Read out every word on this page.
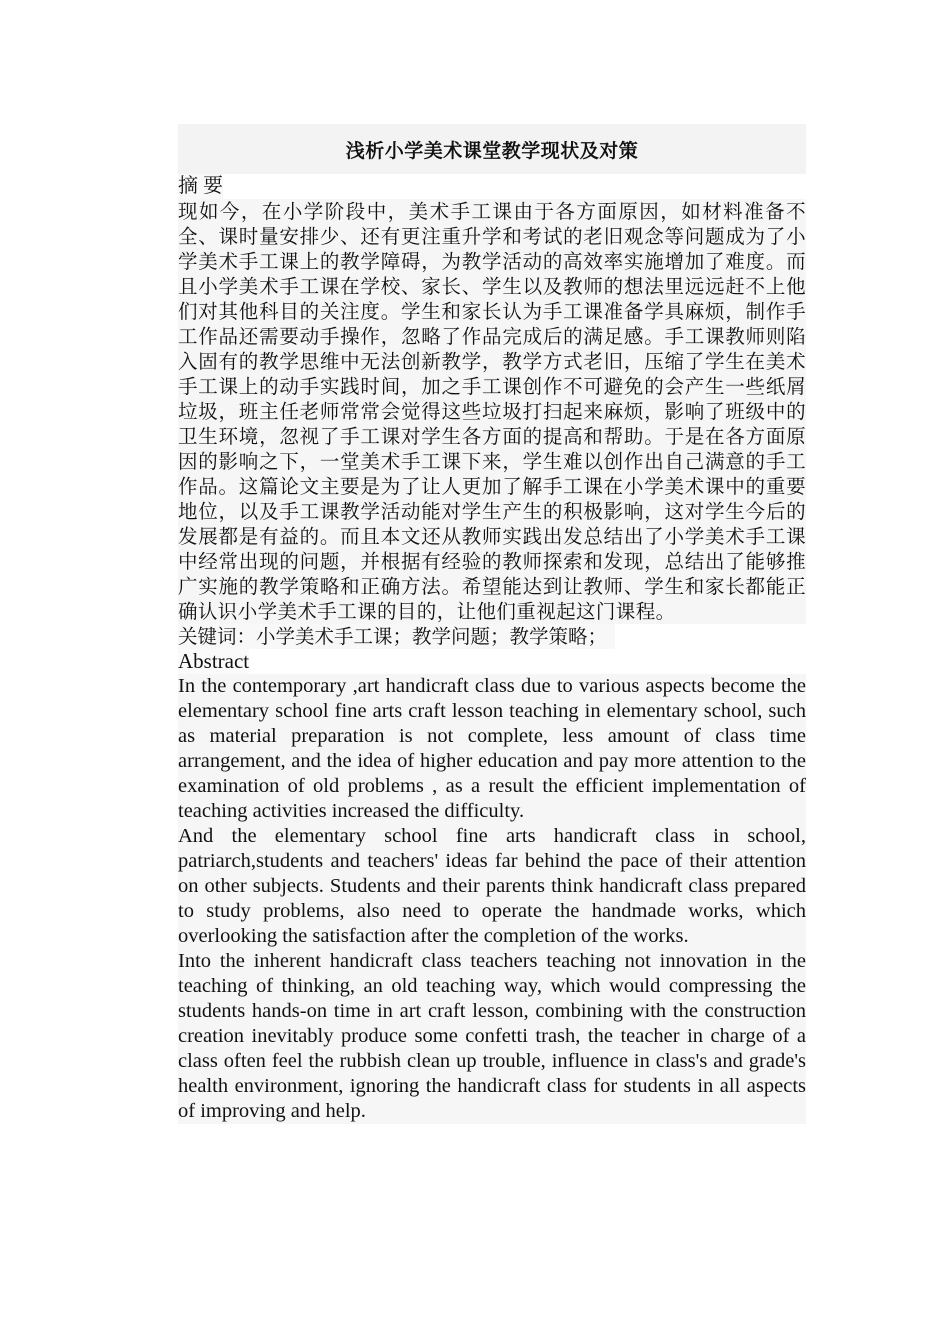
浅析小学美术课堂教学现状及对策
摘 要

现如今，在小学阶段中，美术手工课由于各方面原因，如材料准备不全、课时量安排少、还有更注重升学和考试的老旧观念等问题成为了小学美术手工课上的教学障碍，为教学活动的高效率实施增加了难度。而且小学美术手工课在学校、家长、学生以及教师的想法里远远赶不上他们对其他科目的关注度。学生和家长认为手工课准备学具麻烦，制作手工作品还需要动手操作，忽略了作品完成后的满足感。手工课教师则陷入固有的教学思维中无法创新教学，教学方式老旧，压缩了学生在美术手工课上的动手实践时间，加之手工课创作不可避免的会产生一些纸屑垃圾，班主任老师常常会觉得这些垃圾打扫起来麻烦，影响了班级中的卫生环境，忽视了手工课对学生各方面的提高和帮助。于是在各方面原因的影响之下，一堂美术手工课下来，学生难以创作出自己满意的手工作品。这篇论文主要是为了让人更加了解手工课在小学美术课中的重要地位，以及手工课教学活动能对学生产生的积极影响，这对学生今后的发展都是有益的。而且本文还从教师实践出发总结出了小学美术手工课中经常出现的问题，并根据有经验的教师探索和发现，总结出了能够推广实施的教学策略和正确方法。希望能达到让教师、学生和家长都能正确认识小学美术手工课的目的，让他们重视起这门课程。

关键词：小学美术手工课；教学问题；教学策略；
Abstract

In the contemporary ,art handicraft class due to various aspects become the elementary school fine arts craft lesson teaching in elementary school, such as material preparation is not complete, less amount of class time arrangement, and the idea of higher education and pay more attention to the examination of old problems , as a result the efficient implementation of teaching activities increased the difficulty.

And the elementary school fine arts handicraft class in school, patriarch,students and teachers' ideas far behind the pace of their attention on other subjects. Students and their parents think handicraft class prepared to study problems, also need to operate the handmade works, which overlooking the satisfaction after the completion of the works.

Into the inherent handicraft class teachers teaching not innovation in the teaching of thinking, an old teaching way, which would compressing the students hands-on time in art craft lesson, combining with the construction creation inevitably produce some confetti trash, the teacher in charge of a class often feel the rubbish clean up trouble, influence in class's and grade's health environment, ignoring the handicraft class for students in all aspects of improving and help.
